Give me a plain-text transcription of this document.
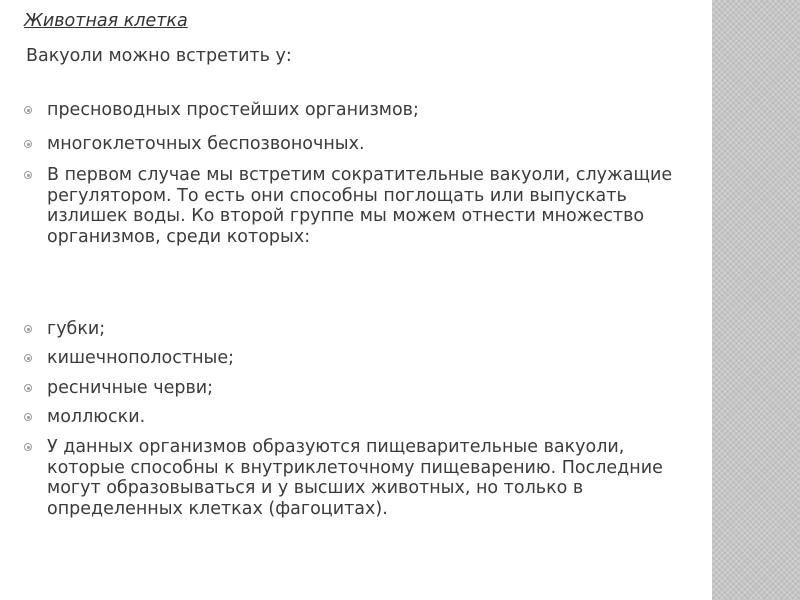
Животная клетка
Вакуоли можно встретить у:
пресноводных простейших организмов;
многоклеточных беспозвоночных.
В первом случае мы встретим сократительные вакуоли, служащие регулятором. То есть они способны поглощать или выпускать излишек воды. Ко второй группе мы можем отнести множество организмов, среди которых:
губки;
кишечнополостные;
ресничные черви;
моллюски.
У данных организмов образуются пищеварительные вакуоли, которые способны к внутриклеточному пищеварению. Последние могут образовываться и у высших животных, но только в определенных клетках (фагоцитах).
